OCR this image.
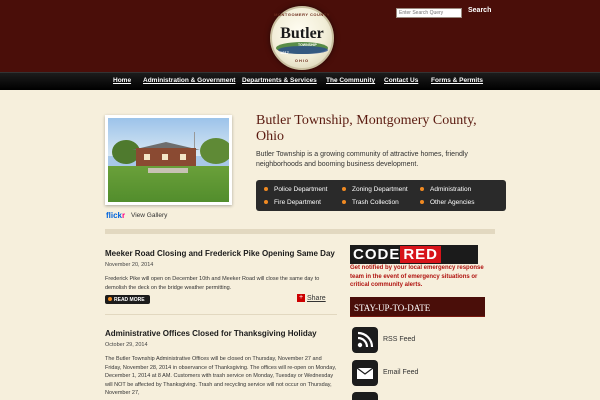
Enter Search Query
Search
MONTGOMERY COUNTY
Butler
TOWNSHIP
1817
OHIO
Home Administration & Government Departments & Services The Community Contact Us Forms & Permits
flickr View Gallery
Butler Township, Montgomery County, Ohio
Butler Township is a growing community of attractive homes, friendly neighborhoods and booming business development.
Police Department	Zoning Department	Administration
Fire Department	Trash Collection	Other Agencies
Meeker Road Closing and Frederick Pike Opening Same Day
November 20, 2014
Frederick Pike will open on December 10th and Meeker Road will close the same day to demolish the deck on the bridge weather permitting.
READ MORE	+ Share
Administrative Offices Closed for Thanksgiving Holiday
October 29, 2014
The Butler Township Administrative Offices will be closed on Thursday, November 27 and Friday, November 28, 2014 in observance of Thanksgiving. The offices will re-open on Monday, December 1, 2014 at 8 AM. Customers with trash service on Monday, Tuesday or Wednesday will NOT be affected by Thanksgiving. Trash and recycling service will not occur on Thursday, November 27,
CODE RED
Get notified by your local emergency response team in the event of emergency situations or critical community alerts.
STAY-UP-TO-DATE
RSS Feed
Email Feed
